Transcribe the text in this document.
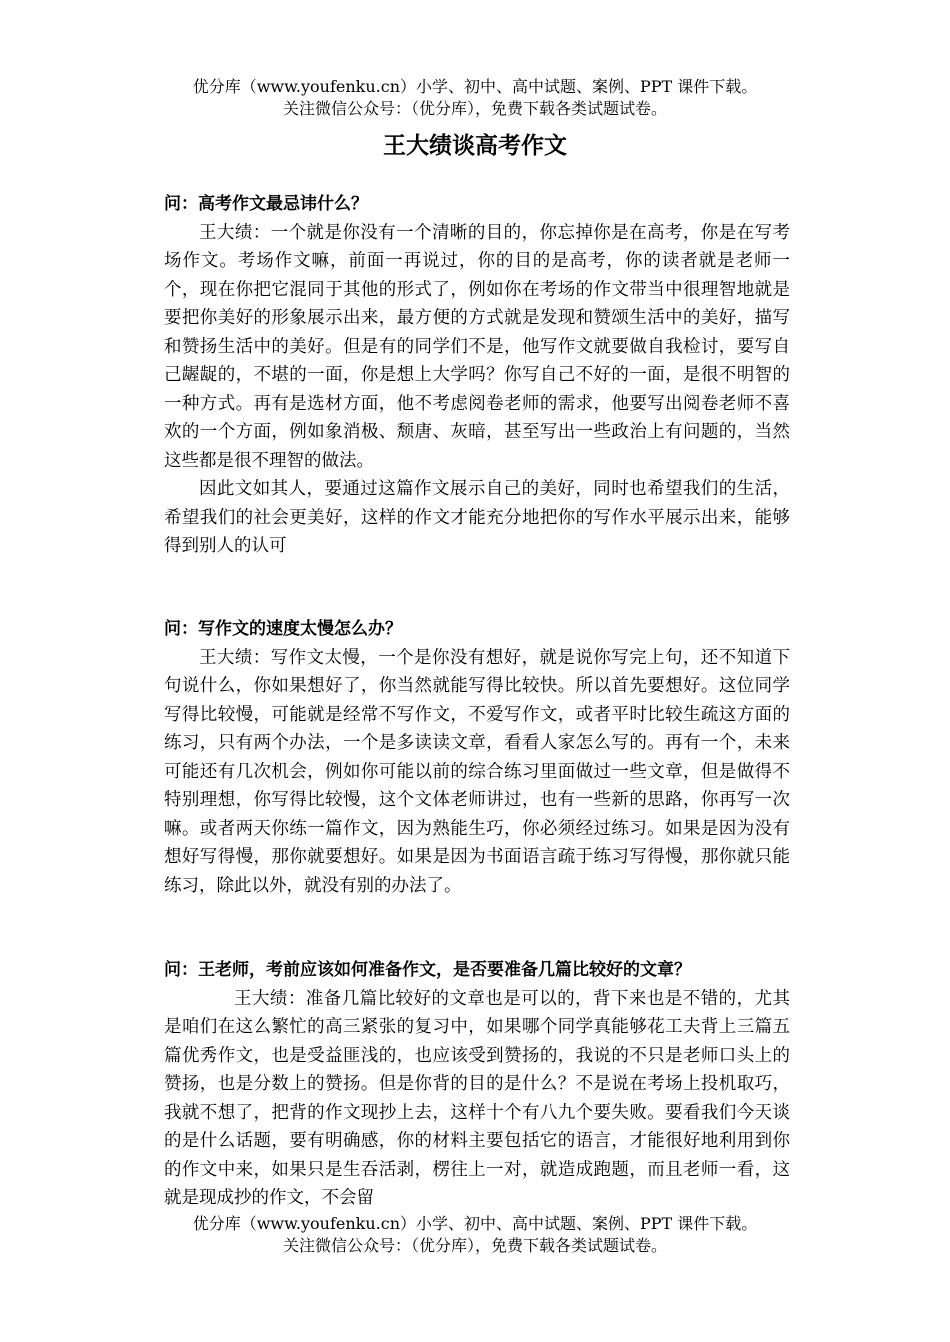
优分库（www.youfenku.cn）小学、初中、高中试题、案例、PPT 课件下载。
关注微信公众号：（优分库），免费下载各类试题试卷。
王大绩谈高考作文

问：高考作文最忌讳什么？

王大绩：一个就是你没有一个清晰的目的，你忘掉你是在高考，你是在写考场作文。考场作文嘛，前面一再说过，你的目的是高考，你的读者就是老师一个，现在你把它混同于其他的形式了，例如你在考场的作文带当中很理智地就是要把你美好的形象展示出来，最方便的方式就是发现和赞颂生活中的美好，描写和赞扬生活中的美好。但是有的同学们不是，他写作文就要做自我检讨，要写自己龌龊的，不堪的一面，你是想上大学吗？你写自己不好的一面，是很不明智的一种方式。再有是选材方面，他不考虑阅卷老师的需求，他要写出阅卷老师不喜欢的一个方面，例如象消极、颓唐、灰暗，甚至写出一些政治上有问题的，当然这些都是很不理智的做法。

因此文如其人，要通过这篇作文展示自己的美好，同时也希望我们的生活，希望我们的社会更美好，这样的作文才能充分地把你的写作水平展示出来，能够得到别人的认可

问：写作文的速度太慢怎么办？

王大绩：写作文太慢，一个是你没有想好，就是说你写完上句，还不知道下句说什么，你如果想好了，你当然就能写得比较快。所以首先要想好。这位同学写得比较慢，可能就是经常不写作文，不爱写作文，或者平时比较生疏这方面的练习，只有两个办法，一个是多读读文章，看看人家怎么写的。再有一个，未来可能还有几次机会，例如你可能以前的综合练习里面做过一些文章，但是做得不特别理想，你写得比较慢，这个文体老师讲过，也有一些新的思路，你再写一次嘛。或者两天你练一篇作文，因为熟能生巧，你必须经过练习。如果是因为没有想好写得慢，那你就要想好。如果是因为书面语言疏于练习写得慢，那你就只能练习，除此以外，就没有别的办法了。

问：王老师，考前应该如何准备作文，是否要准备几篇比较好的文章？

王大绩：准备几篇比较好的文章也是可以的，背下来也是不错的，尤其是咱们在这么繁忙的高三紧张的复习中，如果哪个同学真能够花工夫背上三篇五篇优秀作文，也是受益匪浅的，也应该受到赞扬的，我说的不只是老师口头上的赞扬，也是分数上的赞扬。但是你背的目的是什么？不是说在考场上投机取巧，我就不想了，把背的作文现抄上去，这样十个有八九个要失败。要看我们今天谈的是什么话题，要有明确感，你的材料主要包括它的语言，才能很好地利用到你的作文中来，如果只是生吞活剥，楞往上一对，就造成跑题，而且老师一看，这就是现成抄的作文，不会留

优分库（www.youfenku.cn）小学、初中、高中试题、案例、PPT 课件下载。
关注微信公众号：（优分库），免费下载各类试题试卷。
